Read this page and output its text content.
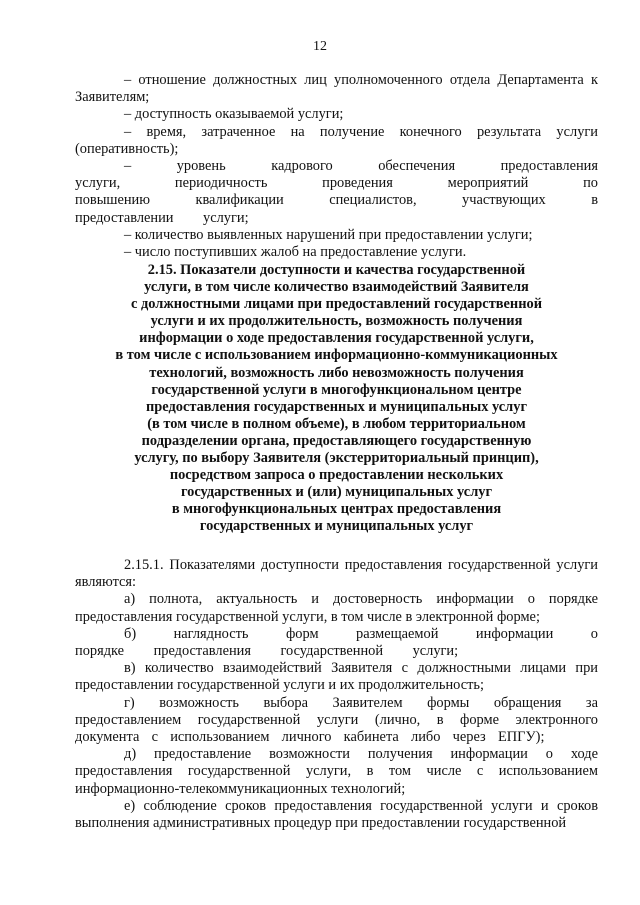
12

– отношение должностных лиц уполномоченного отдела Департамента к Заявителям;

– доступность оказываемой услуги;

– время, затраченное на получение конечного результата услуги (оперативность);

– уровень кадрового обеспечения предоставления услуги, периодичность проведения мероприятий по повышению квалификации специалистов, участвующих в предоставлении услуги;

– количество выявленных нарушений при предоставлении услуги;

– число поступивших жалоб на предоставление услуги.

2.15. Показатели доступности и качества государственной
услуги, в том числе количество взаимодействий Заявителя
с должностными лицами при предоставлений государственной
услуги и их продолжительность, возможность получения
информации о ходе предоставления государственной услуги,
в том числе с использованием информационно-коммуникационных
технологий, возможность либо невозможность получения
государственной услуги в многофункциональном центре
предоставления государственных и муниципальных услуг
(в том числе в полном объеме), в любом территориальном
подразделении органа, предоставляющего государственную
услугу, по выбору Заявителя (экстерриториальный принцип),
посредством запроса о предоставлении нескольких
государственных и (или) муниципальных услуг
в многофункциональных центрах предоставления
государственных и муниципальных услуг

2.15.1. Показателями доступности предоставления государственной услуги являются:

а) полнота, актуальность и достоверность информации о порядке предоставления государственной услуги, в том числе в электронной форме;

б) наглядность форм размещаемой информации о порядке предоставления государственной услуги;

в) количество взаимодействий Заявителя с должностными лицами при предоставлении государственной услуги и их продолжительность;

г) возможность выбора Заявителем формы обращения за предоставлением государственной услуги (лично, в форме электронного документа с использованием личного кабинета либо через ЕПГУ);

д) предоставление возможности получения информации о ходе предоставления государственной услуги, в том числе с использованием информационно-телекоммуникационных технологий;

е) соблюдение сроков предоставления государственной услуги и сроков выполнения административных процедур при предоставлении государственной
